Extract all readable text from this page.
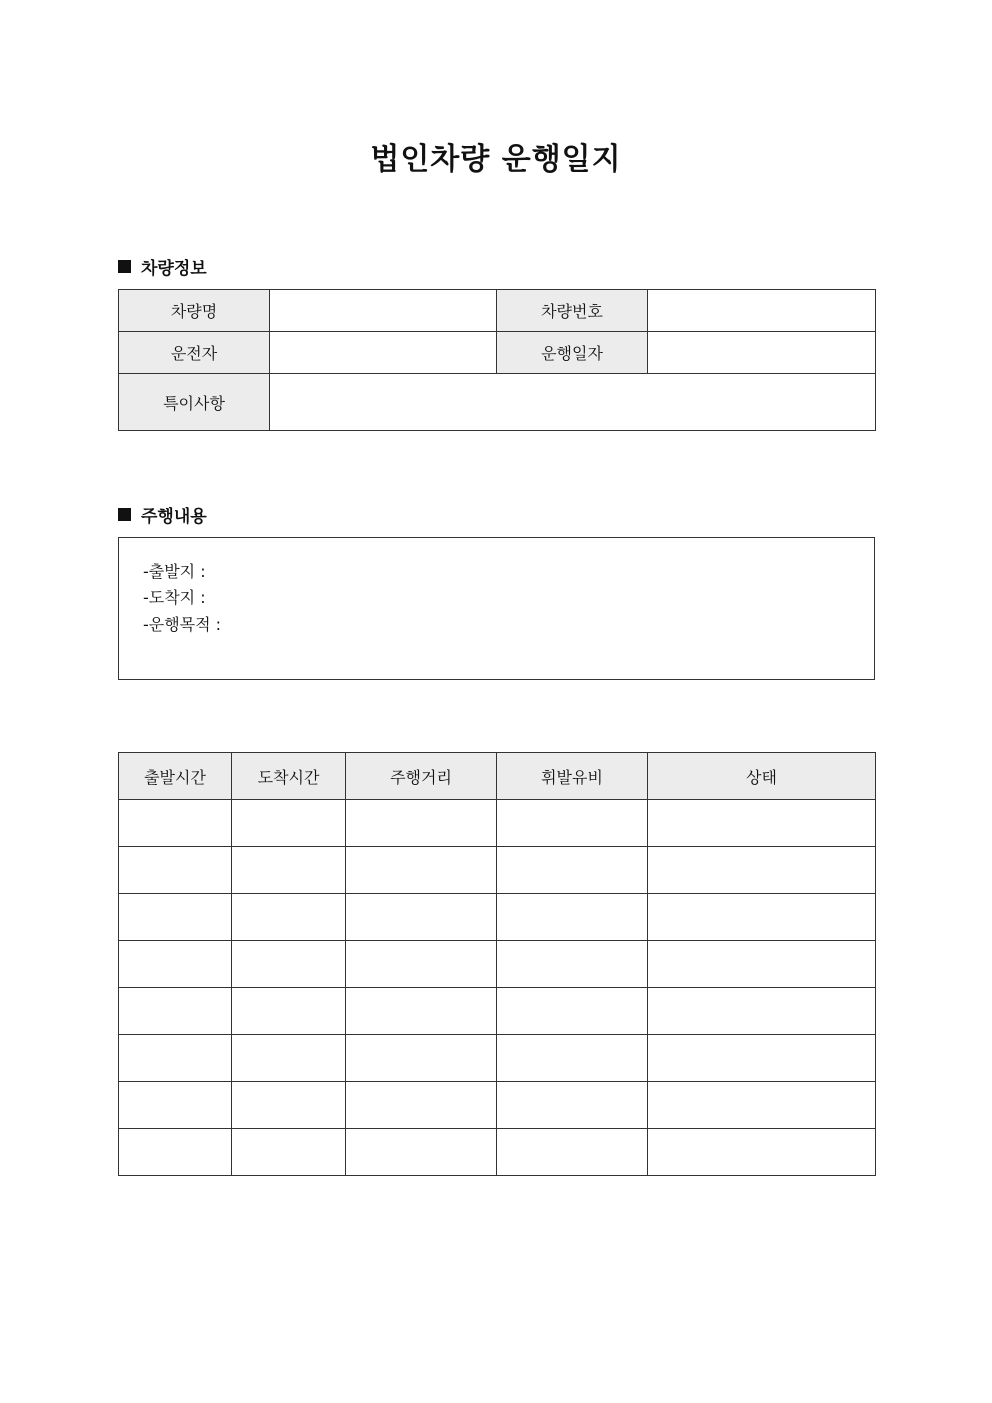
법인차량 운행일지
차량정보
차량명		차량번호	
운전자		운행일자	
특이사항			
주행내용
-출발지 :
-도착지 :
-운행목적 :
출발시간	도착시간	주행거리	휘발유비	상태
